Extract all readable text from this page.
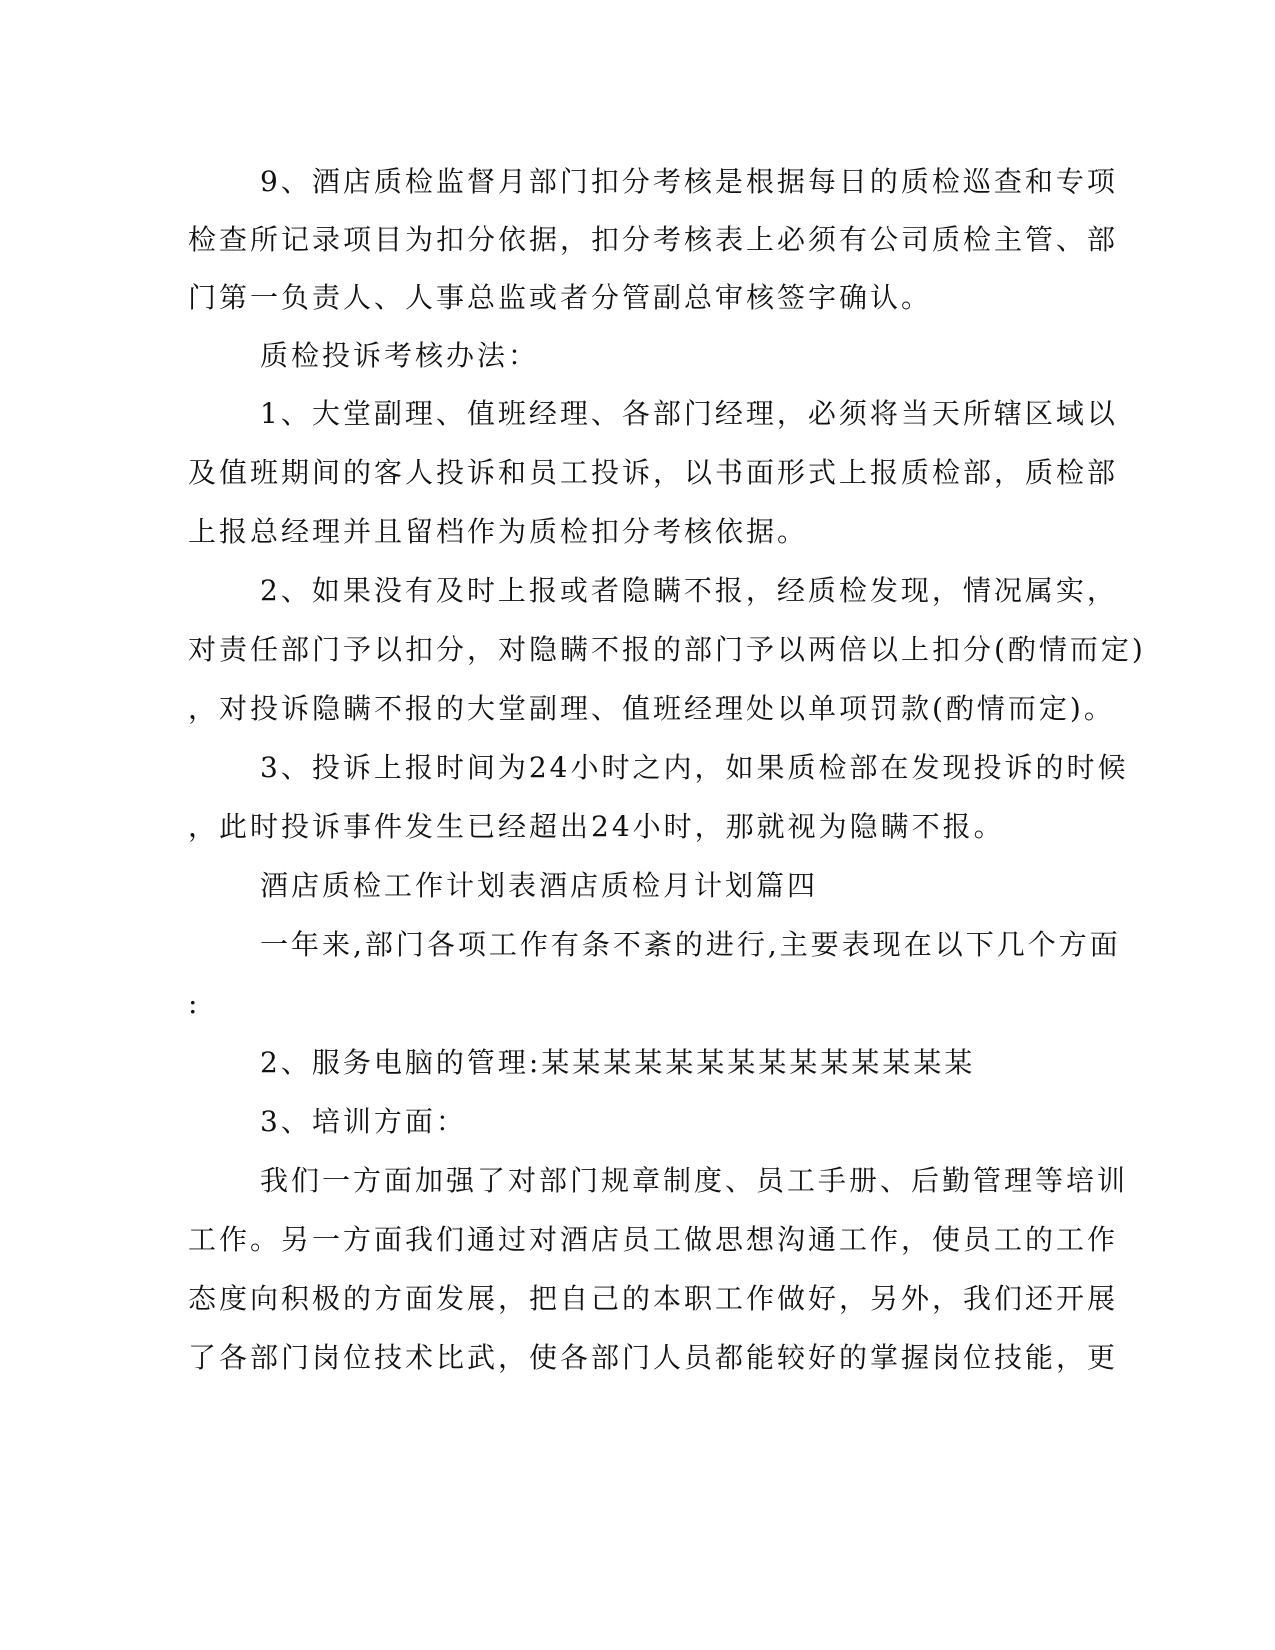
9、酒店质检监督月部门扣分考核是根据每日的质检巡查和专项
检查所记录项目为扣分依据，扣分考核表上必须有公司质检主管、部
门第一负责人、人事总监或者分管副总审核签字确认。
质检投诉考核办法：
1、大堂副理、值班经理、各部门经理，必须将当天所辖区域以
及值班期间的客人投诉和员工投诉，以书面形式上报质检部，质检部
上报总经理并且留档作为质检扣分考核依据。
2、如果没有及时上报或者隐瞒不报，经质检发现，情况属实，
对责任部门予以扣分，对隐瞒不报的部门予以两倍以上扣分(酌情而定)
，对投诉隐瞒不报的大堂副理、值班经理处以单项罚款(酌情而定)。
3、投诉上报时间为24小时之内，如果质检部在发现投诉的时候
，此时投诉事件发生已经超出24小时，那就视为隐瞒不报。
酒店质检工作计划表酒店质检月计划篇四
一年来,部门各项工作有条不紊的进行,主要表现在以下几个方面
:
2、服务电脑的管理:某某某某某某某某某某某某某某
3、培训方面：
我们一方面加强了对部门规章制度、员工手册、后勤管理等培训
工作。另一方面我们通过对酒店员工做思想沟通工作，使员工的工作
态度向积极的方面发展，把自己的本职工作做好，另外，我们还开展
了各部门岗位技术比武，使各部门人员都能较好的掌握岗位技能，更
